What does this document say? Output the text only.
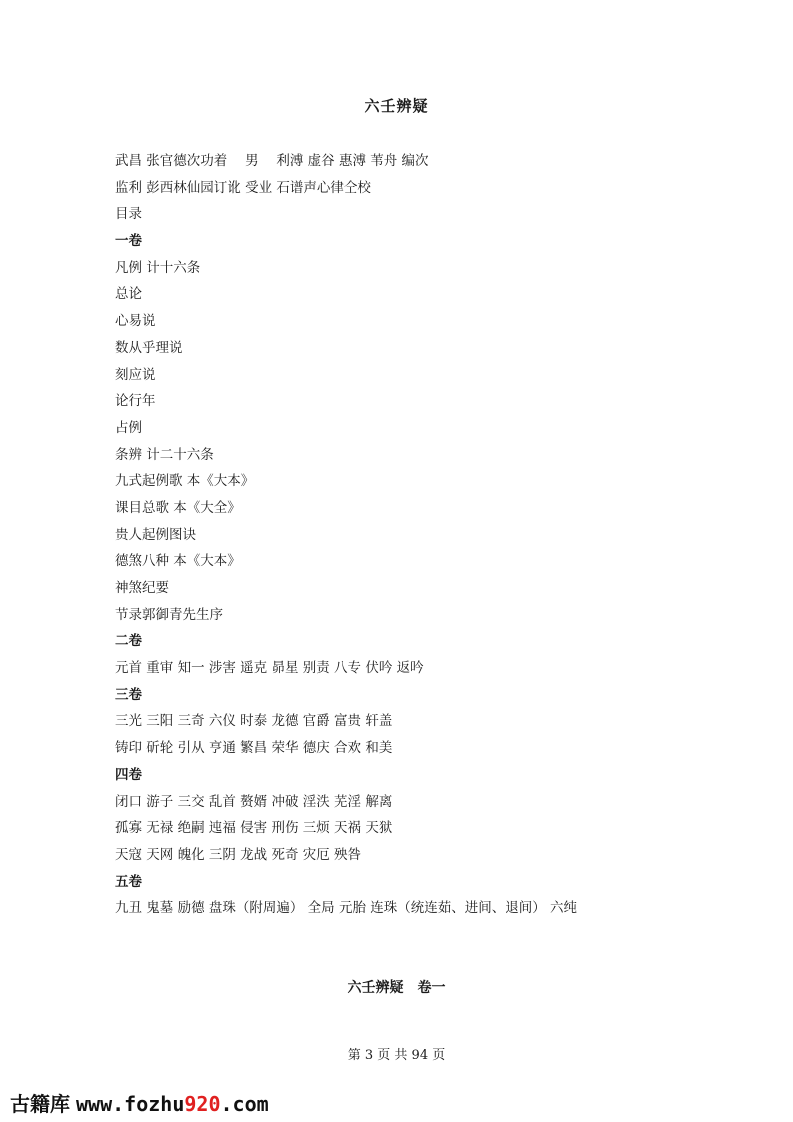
六壬辨疑
武昌 张官德次功着　 男　 利溥 虚谷 惠溥 苇舟 编次
监利 彭西林仙园订讹 受业 石谱声心律仝校
目录
一卷
凡例 计十六条
总论
心易说
数从乎理说
刻应说
论行年
占例
条辨 计二十六条
九式起例歌 本《大本》
课目总歌 本《大全》
贵人起例图诀
德煞八种 本《大本》
神煞纪要
节录郭御青先生序
二卷
元首 重审 知一 涉害 遥克 昴星 别责 八专 伏吟 返吟
三卷
三光 三阳 三奇 六仪 时泰 龙德 官爵 富贵 轩盖
铸印 斫轮 引从 亨通 繁昌 荣华 德庆 合欢 和美
四卷
闭口 游子 三交 乱首 赘婿 冲破 淫泆 芜淫 解离
孤寡 无禄 绝嗣 迍福 侵害 刑伤 三烦 天祸 天狱
天寇 天网 魄化 三阴 龙战 死奇 灾厄 殃咎
五卷
九丑 鬼墓 励德 盘珠（附周遍） 全局 元胎 连珠（统连茹、进间、退间） 六纯
六壬辨疑　卷一
第 3 页 共 94 页
古籍库 www.fozhu920.com
